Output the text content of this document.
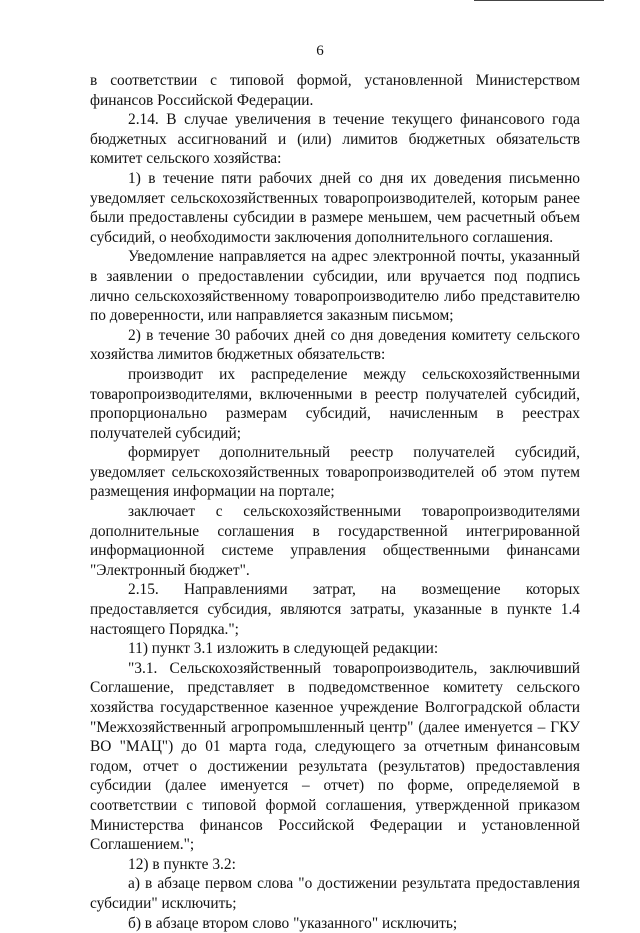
6

в соответствии с типовой формой, установленной Министерством финансов Российской Федерации.

2.14. В случае увеличения в течение текущего финансового года бюджетных ассигнований и (или) лимитов бюджетных обязательств комитет сельского хозяйства:

1) в течение пяти рабочих дней со дня их доведения письменно уведомляет сельскохозяйственных товаропроизводителей, которым ранее были предоставлены субсидии в размере меньшем, чем расчетный объем субсидий, о необходимости заключения дополнительного соглашения.

Уведомление направляется на адрес электронной почты, указанный в заявлении о предоставлении субсидии, или вручается под подпись лично сельскохозяйственному товаропроизводителю либо представителю по доверенности, или направляется заказным письмом;

2) в течение 30 рабочих дней со дня доведения комитету сельского хозяйства лимитов бюджетных обязательств:

производит их распределение между сельскохозяйственными товаропроизводителями, включенными в реестр получателей субсидий, пропорционально размерам субсидий, начисленным в реестрах получателей субсидий;

формирует дополнительный реестр получателей субсидий, уведомляет сельскохозяйственных товаропроизводителей об этом путем размещения информации на портале;

заключает с сельскохозяйственными товаропроизводителями дополнительные соглашения в государственной интегрированной информационной системе управления общественными финансами "Электронный бюджет".

2.15. Направлениями затрат, на возмещение которых предоставляется субсидия, являются затраты, указанные в пункте 1.4 настоящего Порядка.";

11) пункт 3.1 изложить в следующей редакции:

"3.1. Сельскохозяйственный товаропроизводитель, заключивший Соглашение, представляет в подведомственное комитету сельского хозяйства государственное казенное учреждение Волгоградской области "Межхозяйственный агропромышленный центр" (далее именуется – ГКУ ВО "МАЦ") до 01 марта года, следующего за отчетным финансовым годом, отчет о достижении результата (результатов) предоставления субсидии (далее именуется – отчет) по форме, определяемой в соответствии с типовой формой соглашения, утвержденной приказом Министерства финансов Российской Федерации и установленной Соглашением.";

12) в пункте 3.2:

а) в абзаце первом слова "о достижении результата предоставления субсидии" исключить;

б) в абзаце втором слово "указанного" исключить;
